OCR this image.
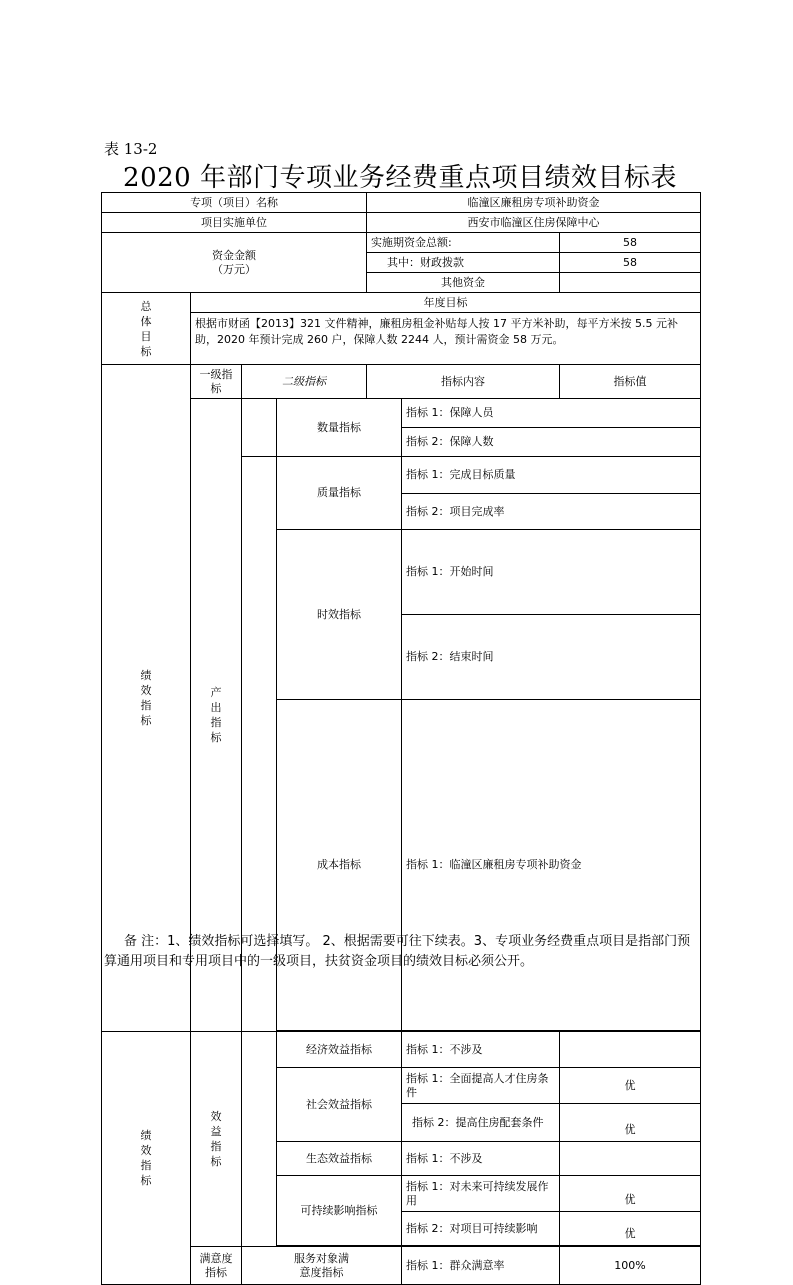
表 13-2
2020 年部门专项业务经费重点项目绩效目标表
专项（项目）名称				临潼区廉租房专项补助资金			
项目实施单位				西安市临潼区住房保障中心			

资金金额
（万元）				实施期资金总额:		58	
				其中：财政拨款		58	
				其他资金			
总体目标	年度目标						
	根据市财函【2013】321 文件精神，廉租房租金补贴每人按 17 平方米补助，每平方米按 5.5 元补助，2020 年预计完成 260 户，保障人数 2244 人，预计需资金 58 万元。						
绩效指标	一级指标	二级指标		指标内容		指标值	
	产出指标		数量指标		指标 1：保障人员	
					指标 2：保障人数	
			质量指标		指标 1：完成目标质量	
					指标 2：项目完成率	
			时效指标		指标 1：开始时间	
					指标 2：结束时间	
			成本指标		指标 1：临潼区廉租房专项补助资金	

绩效指标	效益指标		经济效益指标		指标 1：不涉及		
			社会效益指标		指标 1：全面提高人才住房条件	优	
					指标 2：提高住房配套条件	优	
			生态效益指标		指标 1：不涉及		
			可持续影响指标		指标 1：对未来可持续发展作用	优	
					指标 2：对项目可持续影响	优	

	满意度指标	服务对象满意度指标			指标 1：群众满意率	100%	
备 注：1、绩效指标可选择填写。 2、根据需要可往下续表。3、专项业务经费重点项目是指部门预算通用项目和专用项目中的一级项目，扶贫资金项目的绩效目标必须公开。
